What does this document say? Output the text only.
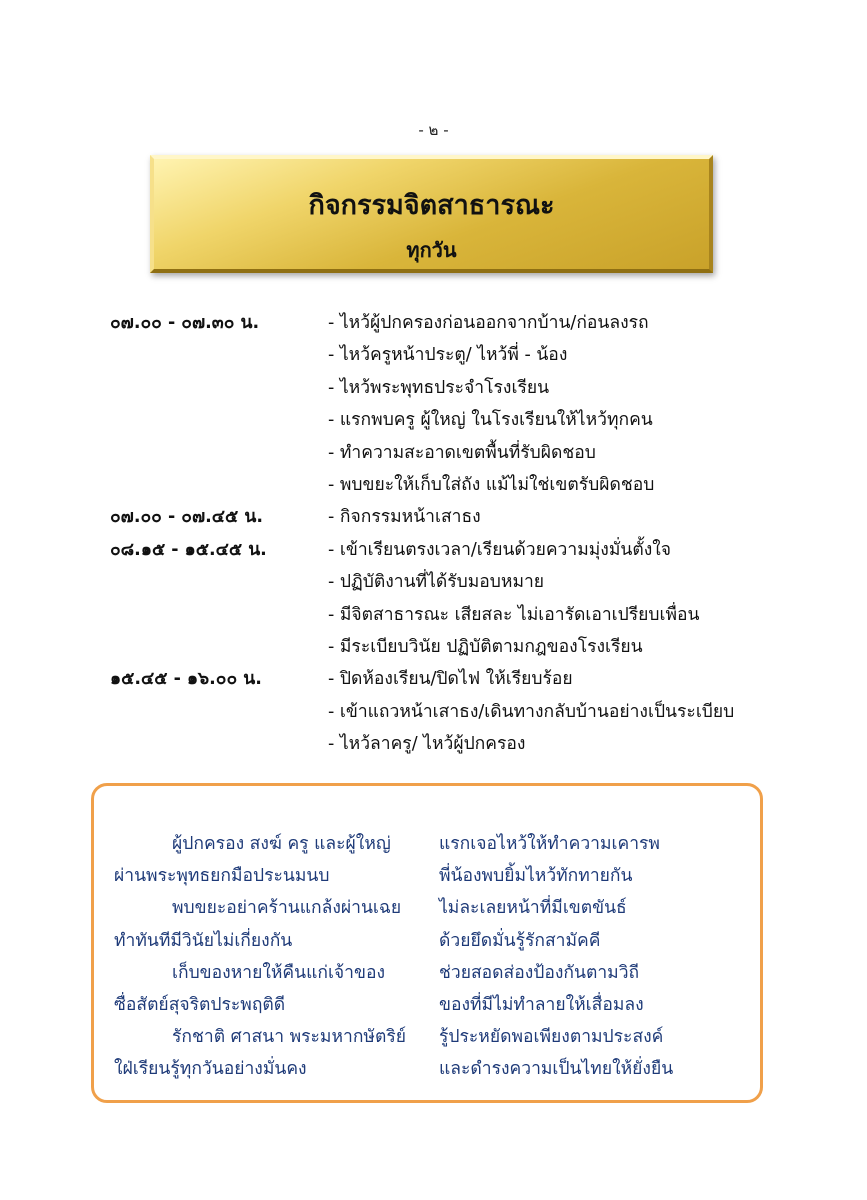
- ๒ -
กิจกรรมจิตสาธารณะ
ทุกวัน
๐๗.๐๐ - ๐๗.๓๐ น.	- ไหว้ผู้ปกครองก่อนออกจากบ้าน/ก่อนลงรถ
- ไหว้ครูหน้าประตู/ ไหว้พี่ - น้อง
- ไหว้พระพุทธประจำโรงเรียน
- แรกพบครู ผู้ใหญ่ ในโรงเรียนให้ไหว้ทุกคน
- ทำความสะอาดเขตพื้นที่รับผิดชอบ
- พบขยะให้เก็บใส่ถัง แม้ไม่ใช่เขตรับผิดชอบ
๐๗.๐๐ - ๐๗.๔๕ น.	- กิจกรรมหน้าเสาธง
๐๘.๑๕ - ๑๕.๔๕ น.	- เข้าเรียนตรงเวลา/เรียนด้วยความมุ่งมั่นตั้งใจ
- ปฏิบัติงานที่ได้รับมอบหมาย
- มีจิตสาธารณะ เสียสละ ไม่เอารัดเอาเปรียบเพื่อน
- มีระเบียบวินัย ปฏิบัติตามกฎของโรงเรียน
๑๕.๔๕ - ๑๖.๐๐ น.	- ปิดห้องเรียน/ปิดไฟ ให้เรียบร้อย
- เข้าแถวหน้าเสาธง/เดินทางกลับบ้านอย่างเป็นระเบียบ
- ไหว้ลาครู/ ไหว้ผู้ปกครอง
ผู้ปกครอง สงฆ์ ครู และผู้ใหญ่	แรกเจอไหว้ให้ทำความเคารพ
ผ่านพระพุทธยกมือประนมนบ	พี่น้องพบยิ้มไหว้ทักทายกัน
พบขยะอย่าคร้านแกล้งผ่านเฉย	ไม่ละเลยหน้าที่มีเขตขันธ์
ทำทันทีมีวินัยไม่เกี่ยงกัน	ด้วยยึดมั่นรู้รักสามัคคี
เก็บของหายให้คืนแก่เจ้าของ	ช่วยสอดส่องป้องกันตามวิถี
ซื่อสัตย์สุจริตประพฤติดี	ของที่มีไม่ทำลายให้เสื่อมลง
รักชาติ ศาสนา พระมหากษัตริย์	รู้ประหยัดพอเพียงตามประสงค์
ใฝ่เรียนรู้ทุกวันอย่างมั่นคง	และดำรงความเป็นไทยให้ยั่งยืน
